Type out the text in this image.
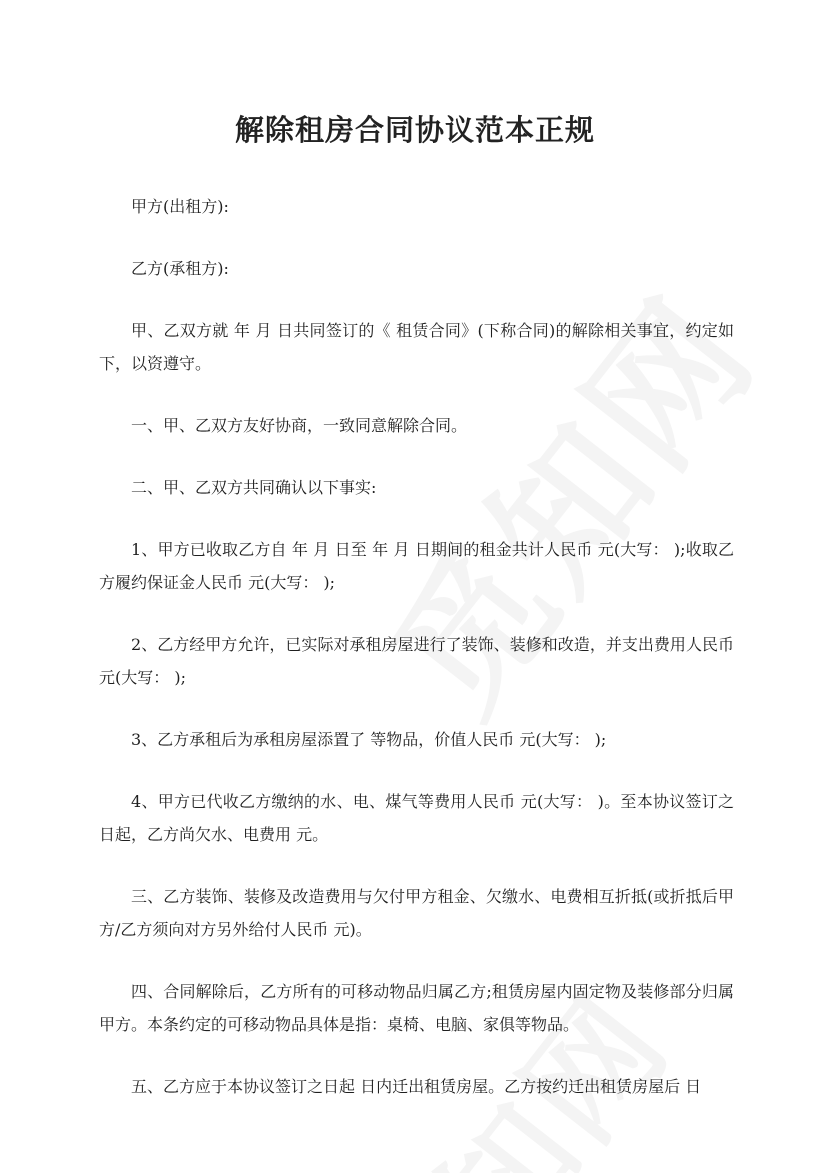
解除租房合同协议范本正规

甲方(出租方):

乙方(承租方):

甲、乙双方就 年 月 日共同签订的《 租赁合同》(下称合同)的解除相关事宜，约定如下，以资遵守。

一、甲、乙双方友好协商，一致同意解除合同。

二、甲、乙双方共同确认以下事实:

1、甲方已收取乙方自 年 月 日至 年 月 日期间的租金共计人民币 元(大写： );收取乙方履约保证金人民币 元(大写： );

2、乙方经甲方允许，已实际对承租房屋进行了装饰、装修和改造，并支出费用人民币 元(大写： );

3、乙方承租后为承租房屋添置了 等物品，价值人民币 元(大写： );

4、甲方已代收乙方缴纳的水、电、煤气等费用人民币 元(大写： )。至本协议签订之日起，乙方尚欠水、电费用 元。

三、乙方装饰、装修及改造费用与欠付甲方租金、欠缴水、电费相互折抵(或折抵后甲方/乙方须向对方另外给付人民币 元)。

四、合同解除后，乙方所有的可移动物品归属乙方;租赁房屋内固定物及装修部分归属甲方。本条约定的可移动物品具体是指：桌椅、电脑、家俱等物品。

五、乙方应于本协议签订之日起 日内迁出租赁房屋。乙方按约迁出租赁房屋后 日
